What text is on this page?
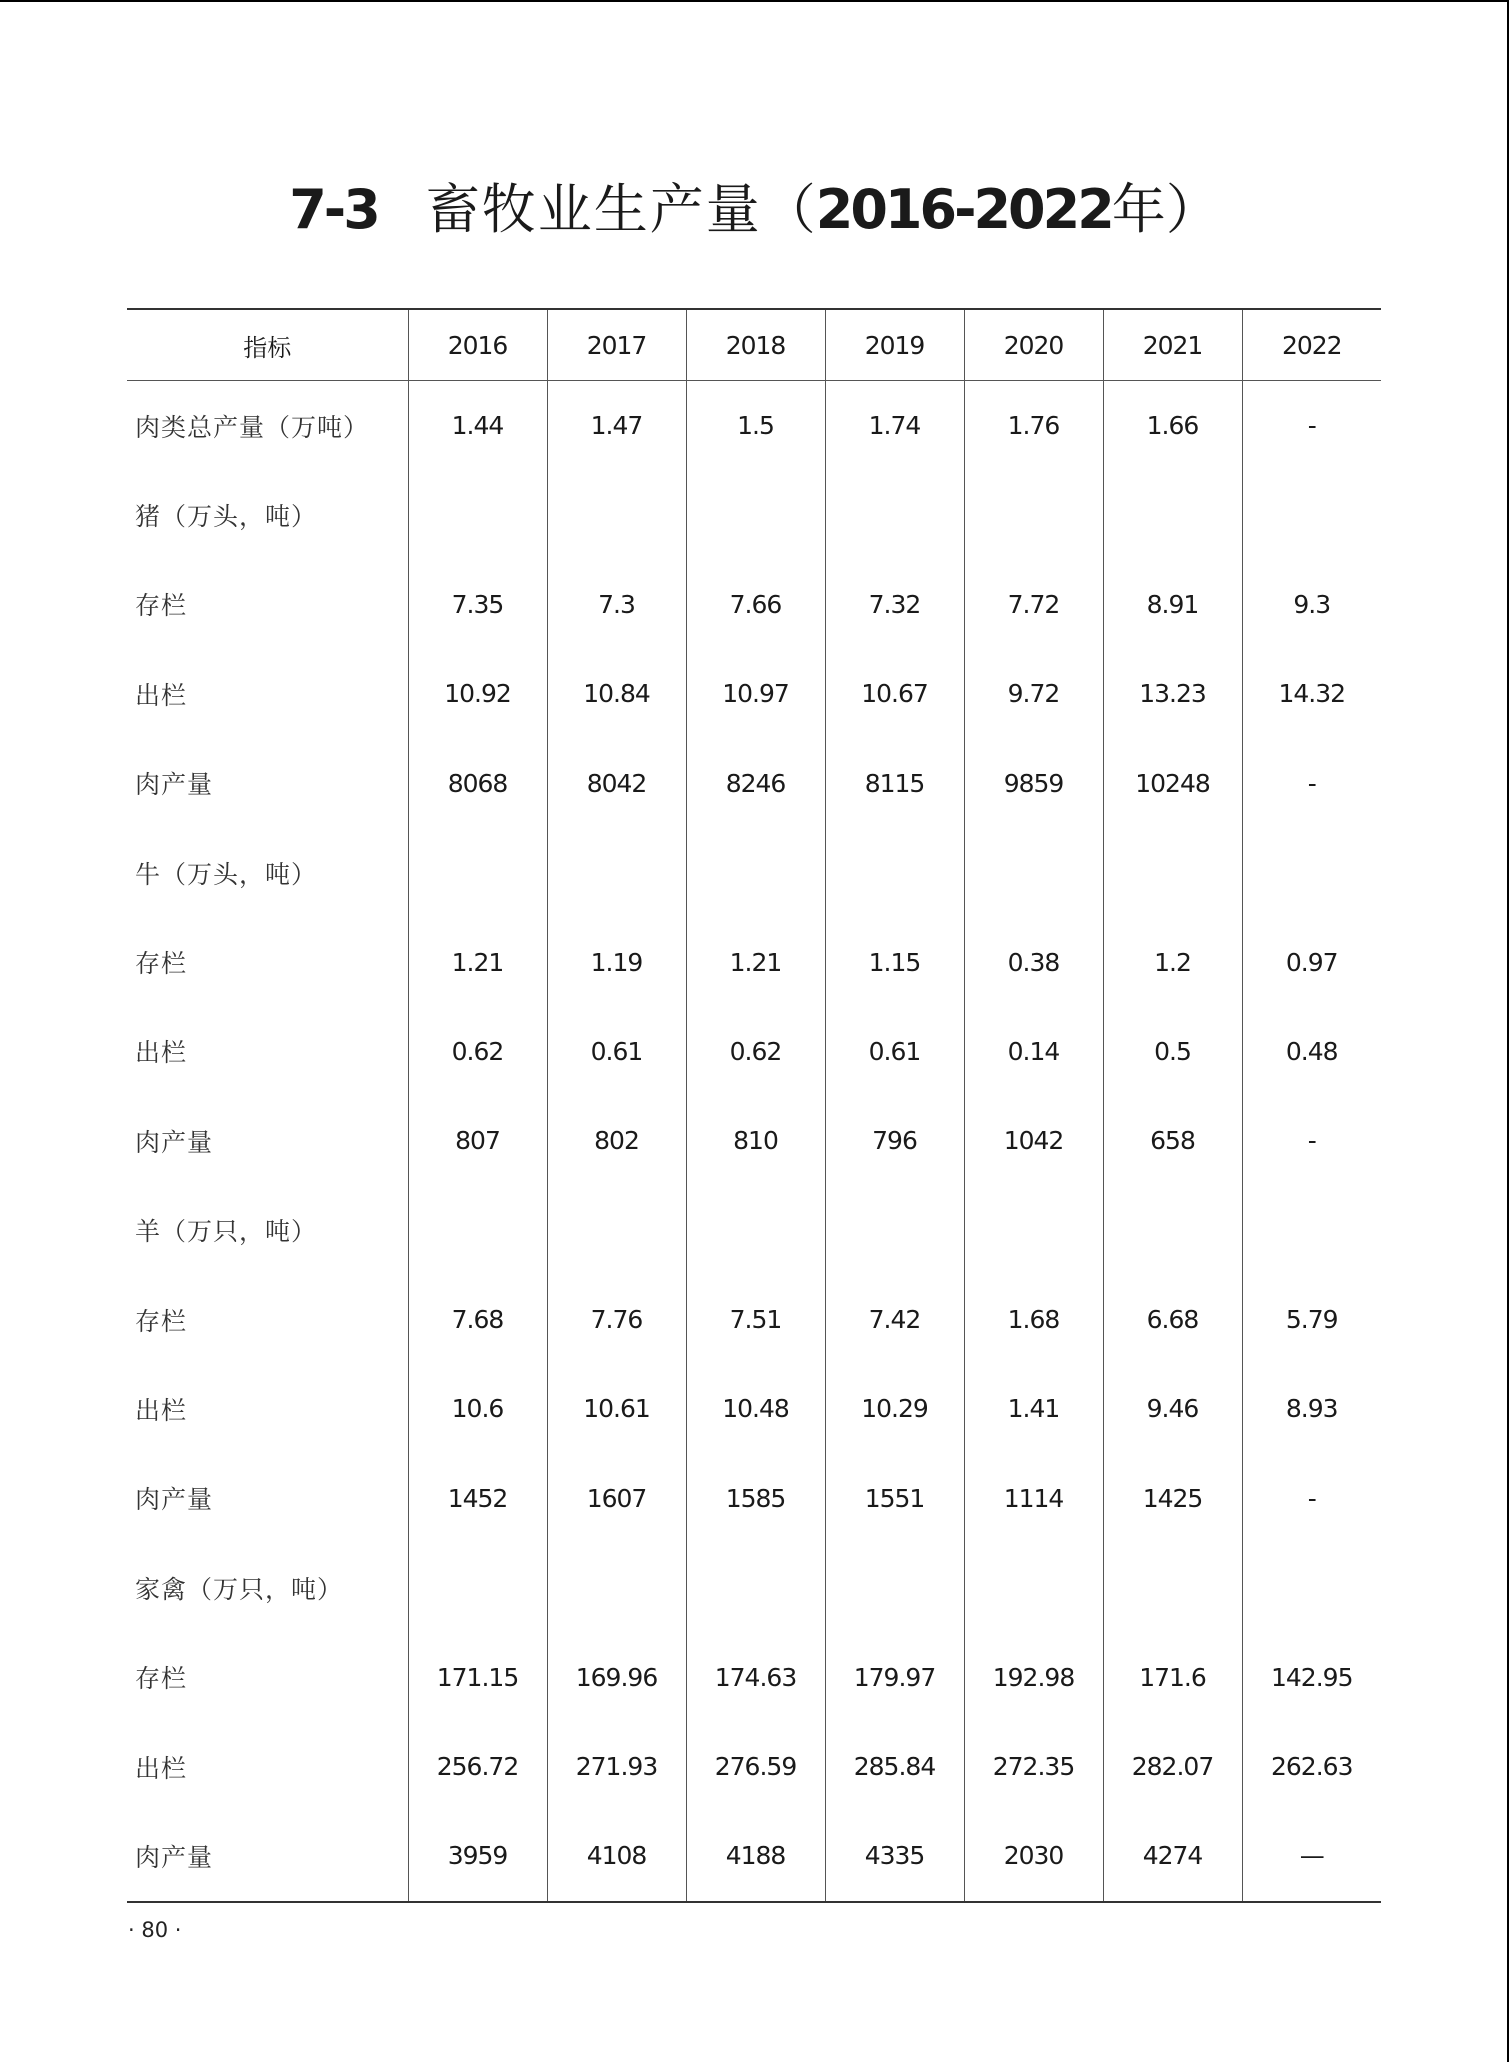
7-3 畜牧业生产量（2016-2022年）
指标	2016	2017	2018	2019	2020	2021	2022
肉类总产量（万吨）	1.44	1.47	1.5	1.74	1.76	1.66	-
猪（万头，吨）							
存栏	7.35	7.3	7.66	7.32	7.72	8.91	9.3
出栏	10.92	10.84	10.97	10.67	9.72	13.23	14.32
肉产量	8068	8042	8246	8115	9859	10248	-
牛（万头，吨）							
存栏	1.21	1.19	1.21	1.15	0.38	1.2	0.97
出栏	0.62	0.61	0.62	0.61	0.14	0.5	0.48
肉产量	807	802	810	796	1042	658	-
羊（万只，吨）							
存栏	7.68	7.76	7.51	7.42	1.68	6.68	5.79
出栏	10.6	10.61	10.48	10.29	1.41	9.46	8.93
肉产量	1452	1607	1585	1551	1114	1425	-
家禽（万只，吨）							
存栏	171.15	169.96	174.63	179.97	192.98	171.6	142.95
出栏	256.72	271.93	276.59	285.84	272.35	282.07	262.63
肉产量	3959	4108	4188	4335	2030	4274	—
· 80 ·
